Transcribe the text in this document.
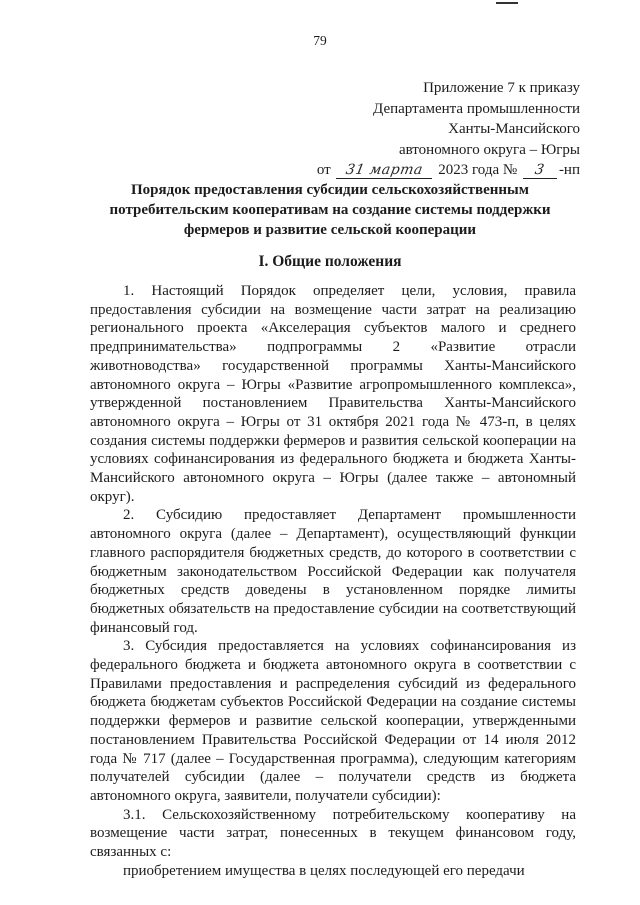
79
Приложение 7 к приказу
Департамента промышленности
Ханты-Мансийского
автономного округа – Югры
от 31 марта 2023 года № 3 -нп
Порядок предоставления субсидии сельскохозяйственным потребительским кооперативам на создание системы поддержки фермеров и развитие сельской кооперации
I. Общие положения

1. Настоящий Порядок определяет цели, условия, правила предоставления субсидии на возмещение части затрат на реализацию регионального проекта «Акселерация субъектов малого и среднего предпринимательства» подпрограммы 2 «Развитие отрасли животноводства» государственной программы Ханты-Мансийского автономного округа – Югры «Развитие агропромышленного комплекса», утвержденной постановлением Правительства Ханты-Мансийского автономного округа – Югры от 31 октября 2021 года № 473-п, в целях создания системы поддержки фермеров и развития сельской кооперации на условиях софинансирования из федерального бюджета и бюджета Ханты-Мансийского автономного округа – Югры (далее также – автономный округ).

2. Субсидию предоставляет Департамент промышленности автономного округа (далее – Департамент), осуществляющий функции главного распорядителя бюджетных средств, до которого в соответствии с бюджетным законодательством Российской Федерации как получателя бюджетных средств доведены в установленном порядке лимиты бюджетных обязательств на предоставление субсидии на соответствующий финансовый год.

3. Субсидия предоставляется на условиях софинансирования из федерального бюджета и бюджета автономного округа в соответствии с Правилами предоставления и распределения субсидий из федерального бюджета бюджетам субъектов Российской Федерации на создание системы поддержки фермеров и развитие сельской кооперации, утвержденными постановлением Правительства Российской Федерации от 14 июля 2012 года № 717 (далее – Государственная программа), следующим категориям получателей субсидии (далее – получатели средств из бюджета автономного округа, заявители, получатели субсидии):

3.1. Сельскохозяйственному потребительскому кооперативу на возмещение части затрат, понесенных в текущем финансовом году, связанных с:

приобретением имущества в целях последующей его передачи
